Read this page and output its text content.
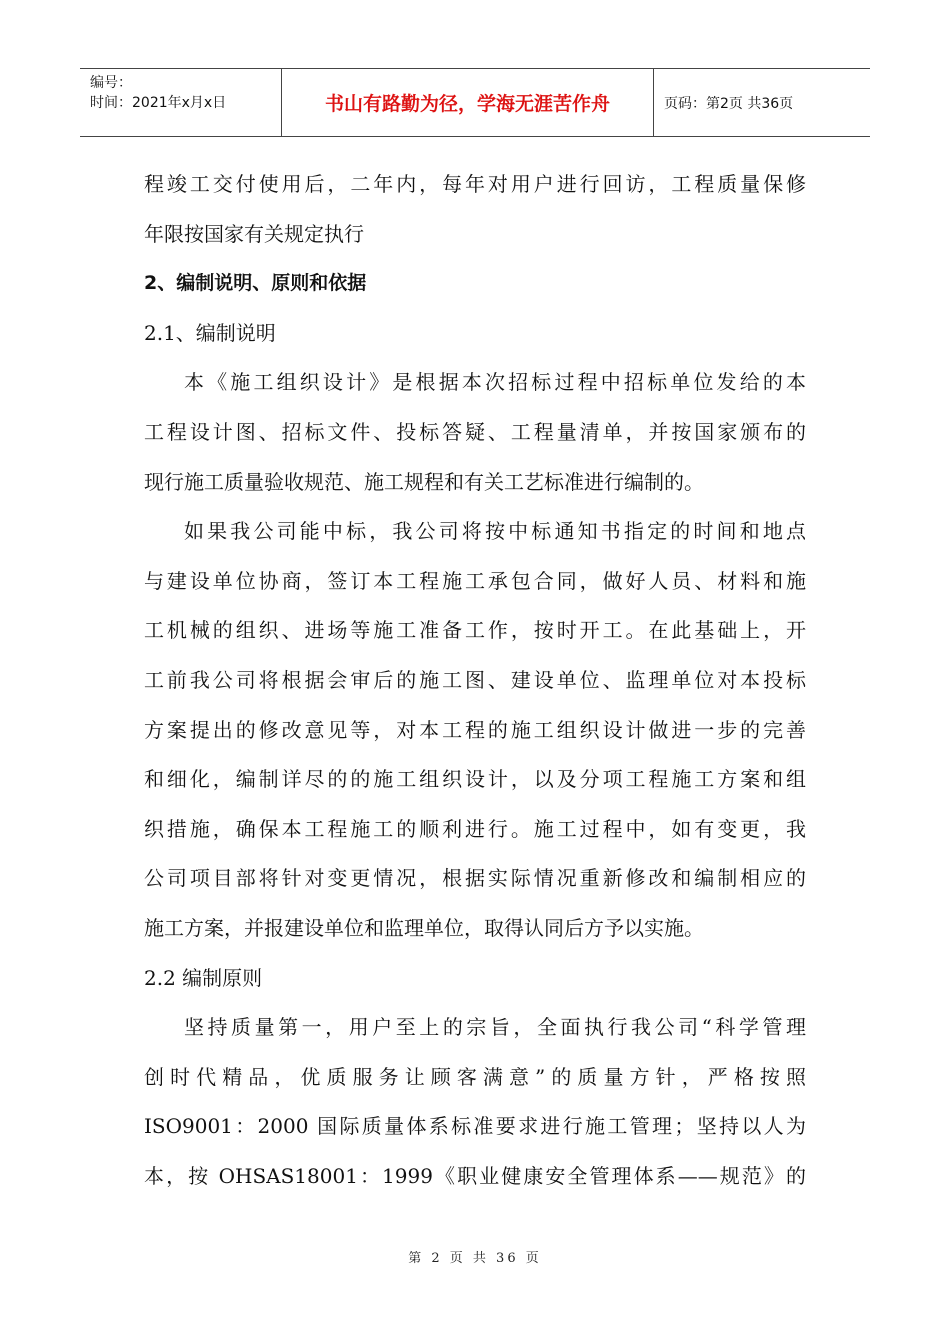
编号：
时间：2021年x月x日	书山有路勤为径，学海无涯苦作舟	页码：第2页 共36页
程竣工交付使用后，二年内，每年对用户进行回访，工程质量保修
年限按国家有关规定执行
2、编制说明、原则和依据
2.1、编制说明
本《施工组织设计》是根据本次招标过程中招标单位发给的本
工程设计图、招标文件、投标答疑、工程量清单，并按国家颁布的
现行施工质量验收规范、施工规程和有关工艺标准进行编制的。
如果我公司能中标，我公司将按中标通知书指定的时间和地点
与建设单位协商，签订本工程施工承包合同，做好人员、材料和施
工机械的组织、进场等施工准备工作，按时开工。在此基础上，开
工前我公司将根据会审后的施工图、建设单位、监理单位对本投标
方案提出的修改意见等，对本工程的施工组织设计做进一步的完善
和细化，编制详尽的的施工组织设计，以及分项工程施工方案和组
织措施，确保本工程施工的顺利进行。施工过程中，如有变更，我
公司项目部将针对变更情况，根据实际情况重新修改和编制相应的
施工方案，并报建设单位和监理单位，取得认同后方予以实施。
2.2 编制原则
坚持质量第一，用户至上的宗旨，全面执行我公司“科学管理
创时代精品，优质服务让顾客满意”的质量方针，严格按照
ISO9001：2000 国际质量体系标准要求进行施工管理；坚持以人为
本，按 OHSAS18001：1999《职业健康安全管理体系——规范》的
第 2 页 共 36 页
